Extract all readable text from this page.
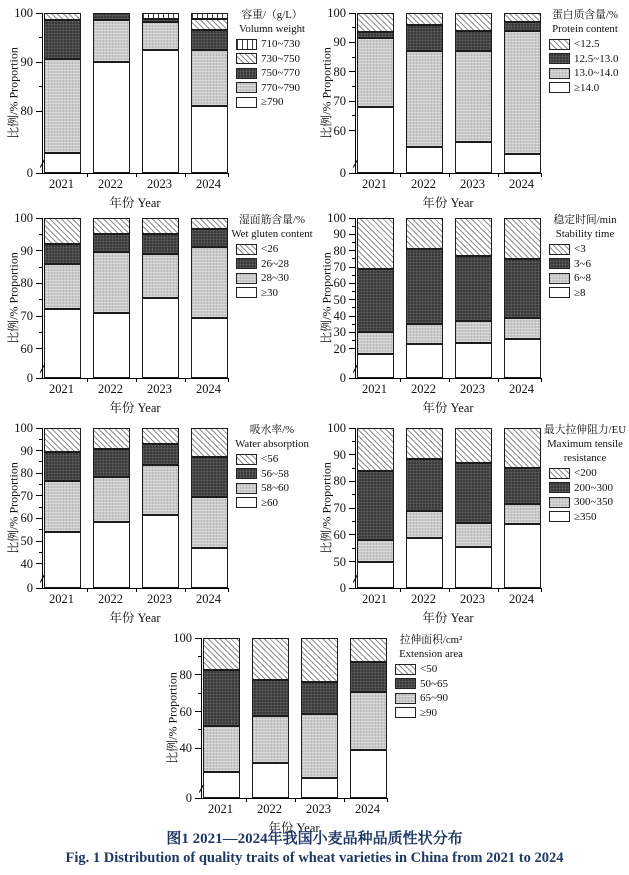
0
80
90
100
比例/% Proportion
2021	2022	2023	2024
年份 Year
容重/（g/L）
Volumn weight
710~730
730~750
750~770
770~790
≥790
0
60
70
80
90
100
比例/% Proportion
2021	2022	2023	2024
年份 Year
蛋白质含量/%
Protein content
<12.5
12.5~13.0
13.0~14.0
≥14.0
0
60
70
80
90
100
比例/% Proportion
2021	2022	2023	2024
年份 Year
湿面筋含量/%
Wet gluten content
<26
26~28
28~30
≥30
0
20
30
40
50
60
70
80
90
100
比例/% Proportion
2021	2022	2023	2024
年份 Year
稳定时间/min
Stability time
<3
3~6
6~8
≥8
0
40
50
60
70
80
90
100
比例/% Proportion
2021	2022	2023	2024
年份 Year
吸水率/%
Water absorption
<56
56~58
58~60
≥60
0
50
60
70
80
90
100
比例/% Proportion
2021	2022	2023	2024
年份 Year
最大拉伸阻力/EU
Maximum tensile
resistance
<200
200~300
300~350
≥350
0
40
60
80
100
比例/% Proportion
2021	2022	2023	2024
年份 Year
拉伸面积/cm²
Extension area
<50
50~65
65~90
≥90
图1 2021—2024年我国小麦品种品质性状分布
Fig. 1 Distribution of quality traits of wheat varieties in China from 2021 to 2024
